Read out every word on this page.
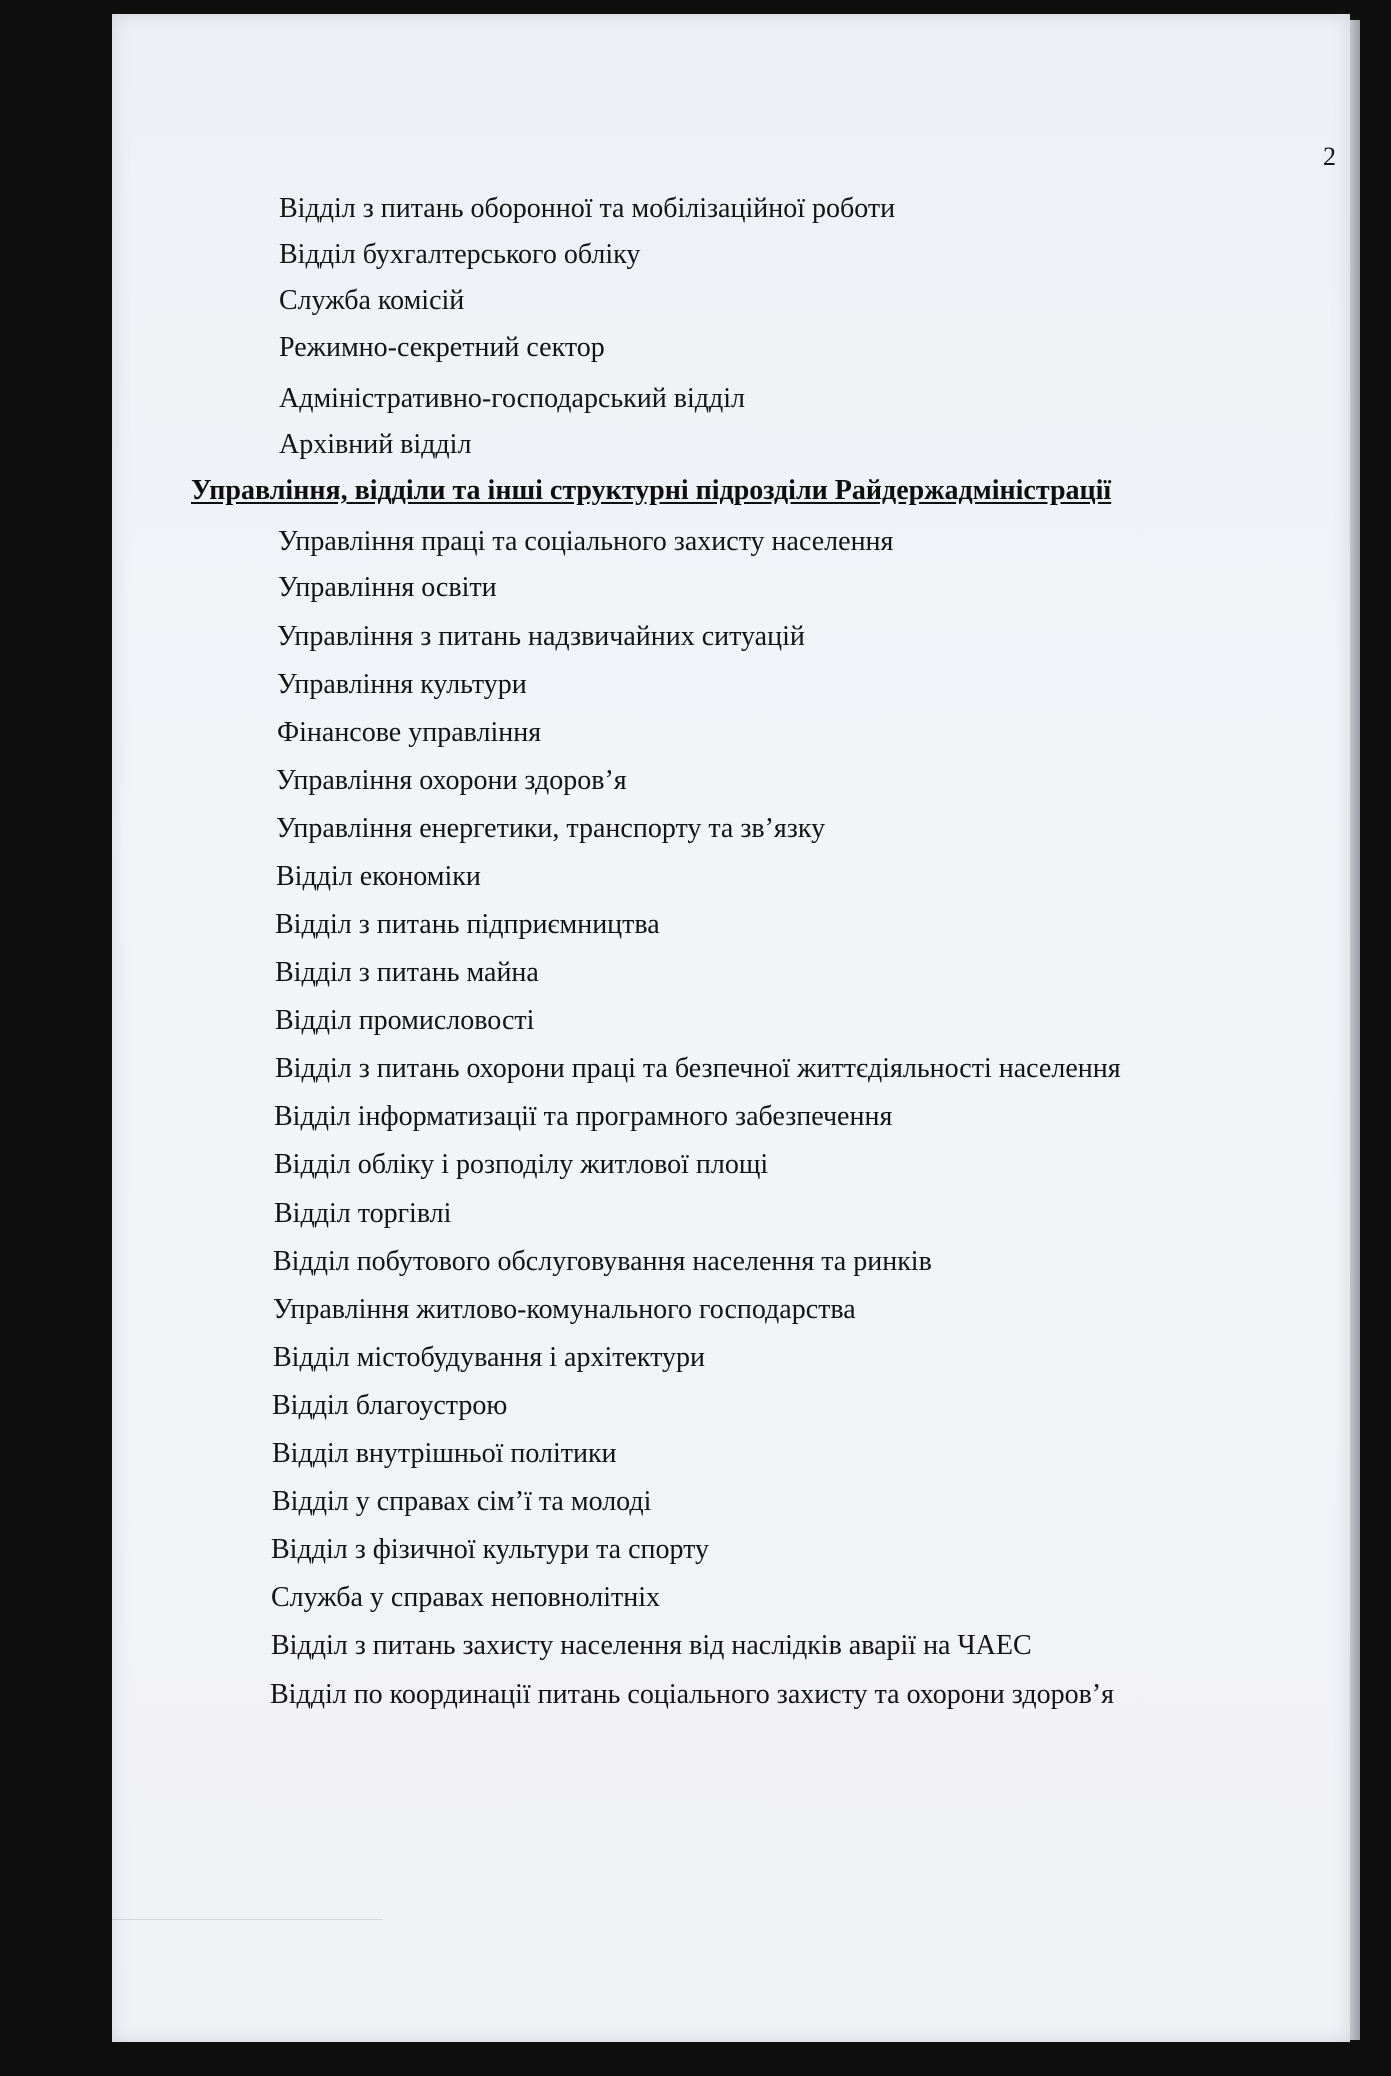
2
Відділ з питань оборонної та мобілізаційної роботи
Відділ бухгалтерського обліку
Служба комісій
Режимно-секретний сектор
Адміністративно-господарський відділ
Архівний відділ
Управління, відділи та інші структурні підрозділи Райдержадміністрації
Управління праці та соціального захисту населення
Управління освіти
Управління з питань надзвичайних ситуацій
Управління культури
Фінансове управління
Управління охорони здоров’я
Управління енергетики, транспорту та зв’язку
Відділ економіки
Відділ з питань підприємництва
Відділ з питань майна
Відділ промисловості
Відділ з питань охорони праці та безпечної життєдіяльності населення
Відділ інформатизації та програмного забезпечення
Відділ обліку і розподілу житлової площі
Відділ торгівлі
Відділ побутового обслуговування населення та ринків
Управління житлово-комунального господарства
Відділ містобудування і архітектури
Відділ благоустрою
Відділ внутрішньої політики
Відділ у справах сім’ї та молоді
Відділ з фізичної культури та спорту
Служба у справах неповнолітніх
Відділ з питань захисту населення від наслідків аварії на ЧАЕС
Відділ по координації питань соціального захисту та охорони здоров’я
